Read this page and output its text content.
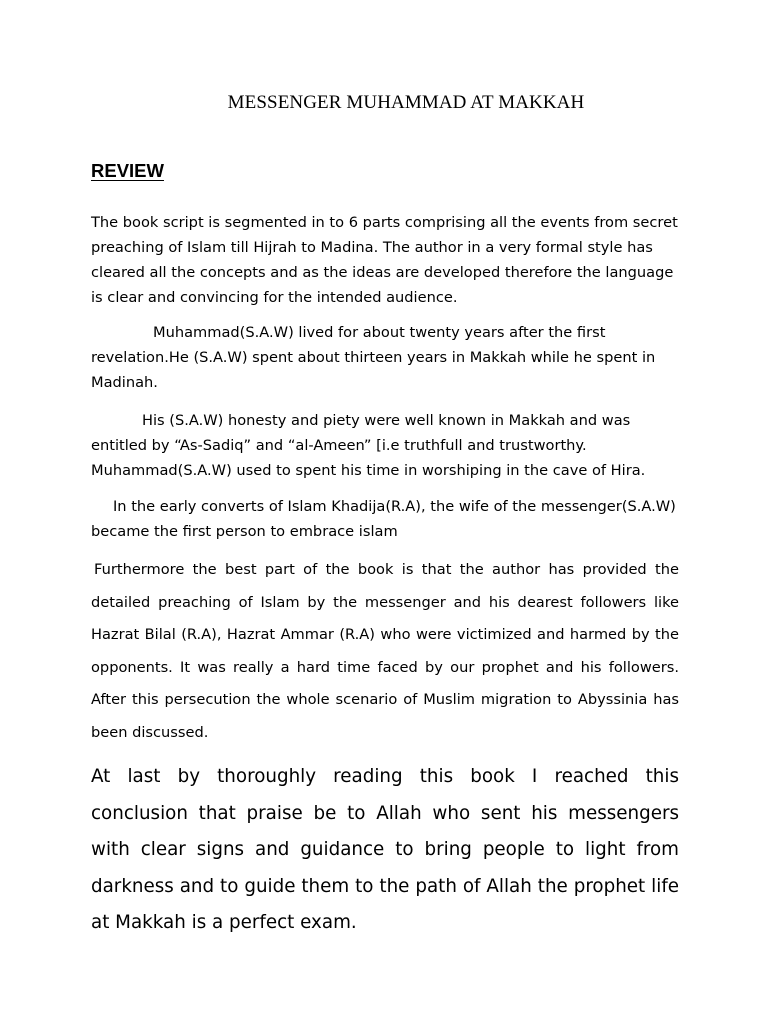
MESSENGER MUHAMMAD AT MAKKAH
REVIEW

The book script is segmented in to 6 parts comprising all the events from secret preaching of Islam till Hijrah to Madina. The author in a very formal style has cleared all the concepts and as the ideas are developed therefore the language is clear and convincing for the intended audience.

Muhammad(S.A.W) lived for about twenty years after the first revelation.He (S.A.W) spent about thirteen years in Makkah while he spent in Madinah.

His (S.A.W) honesty and piety were well known in Makkah and was entitled by “As-Sadiq” and “al-Ameen” [i.e truthfull and trustworthy. Muhammad(S.A.W) used to spent his time in worshiping in the cave of Hira.

In the early converts of Islam Khadija(R.A), the wife of the messenger(S.A.W) became the first person to embrace islam

Furthermore the best part of the book is that the author has provided the detailed preaching of Islam by the messenger and his dearest followers like Hazrat Bilal (R.A), Hazrat Ammar (R.A) who were victimized and harmed by the opponents. It was really a hard time faced by our prophet and his followers. After this persecution the whole scenario of Muslim migration to Abyssinia has been discussed.

At last by thoroughly reading this book I reached this conclusion that praise be to Allah who sent his messengers with clear signs and guidance to bring people to light from darkness and to guide them to the path of Allah the prophet life at Makkah is a perfect exam.
